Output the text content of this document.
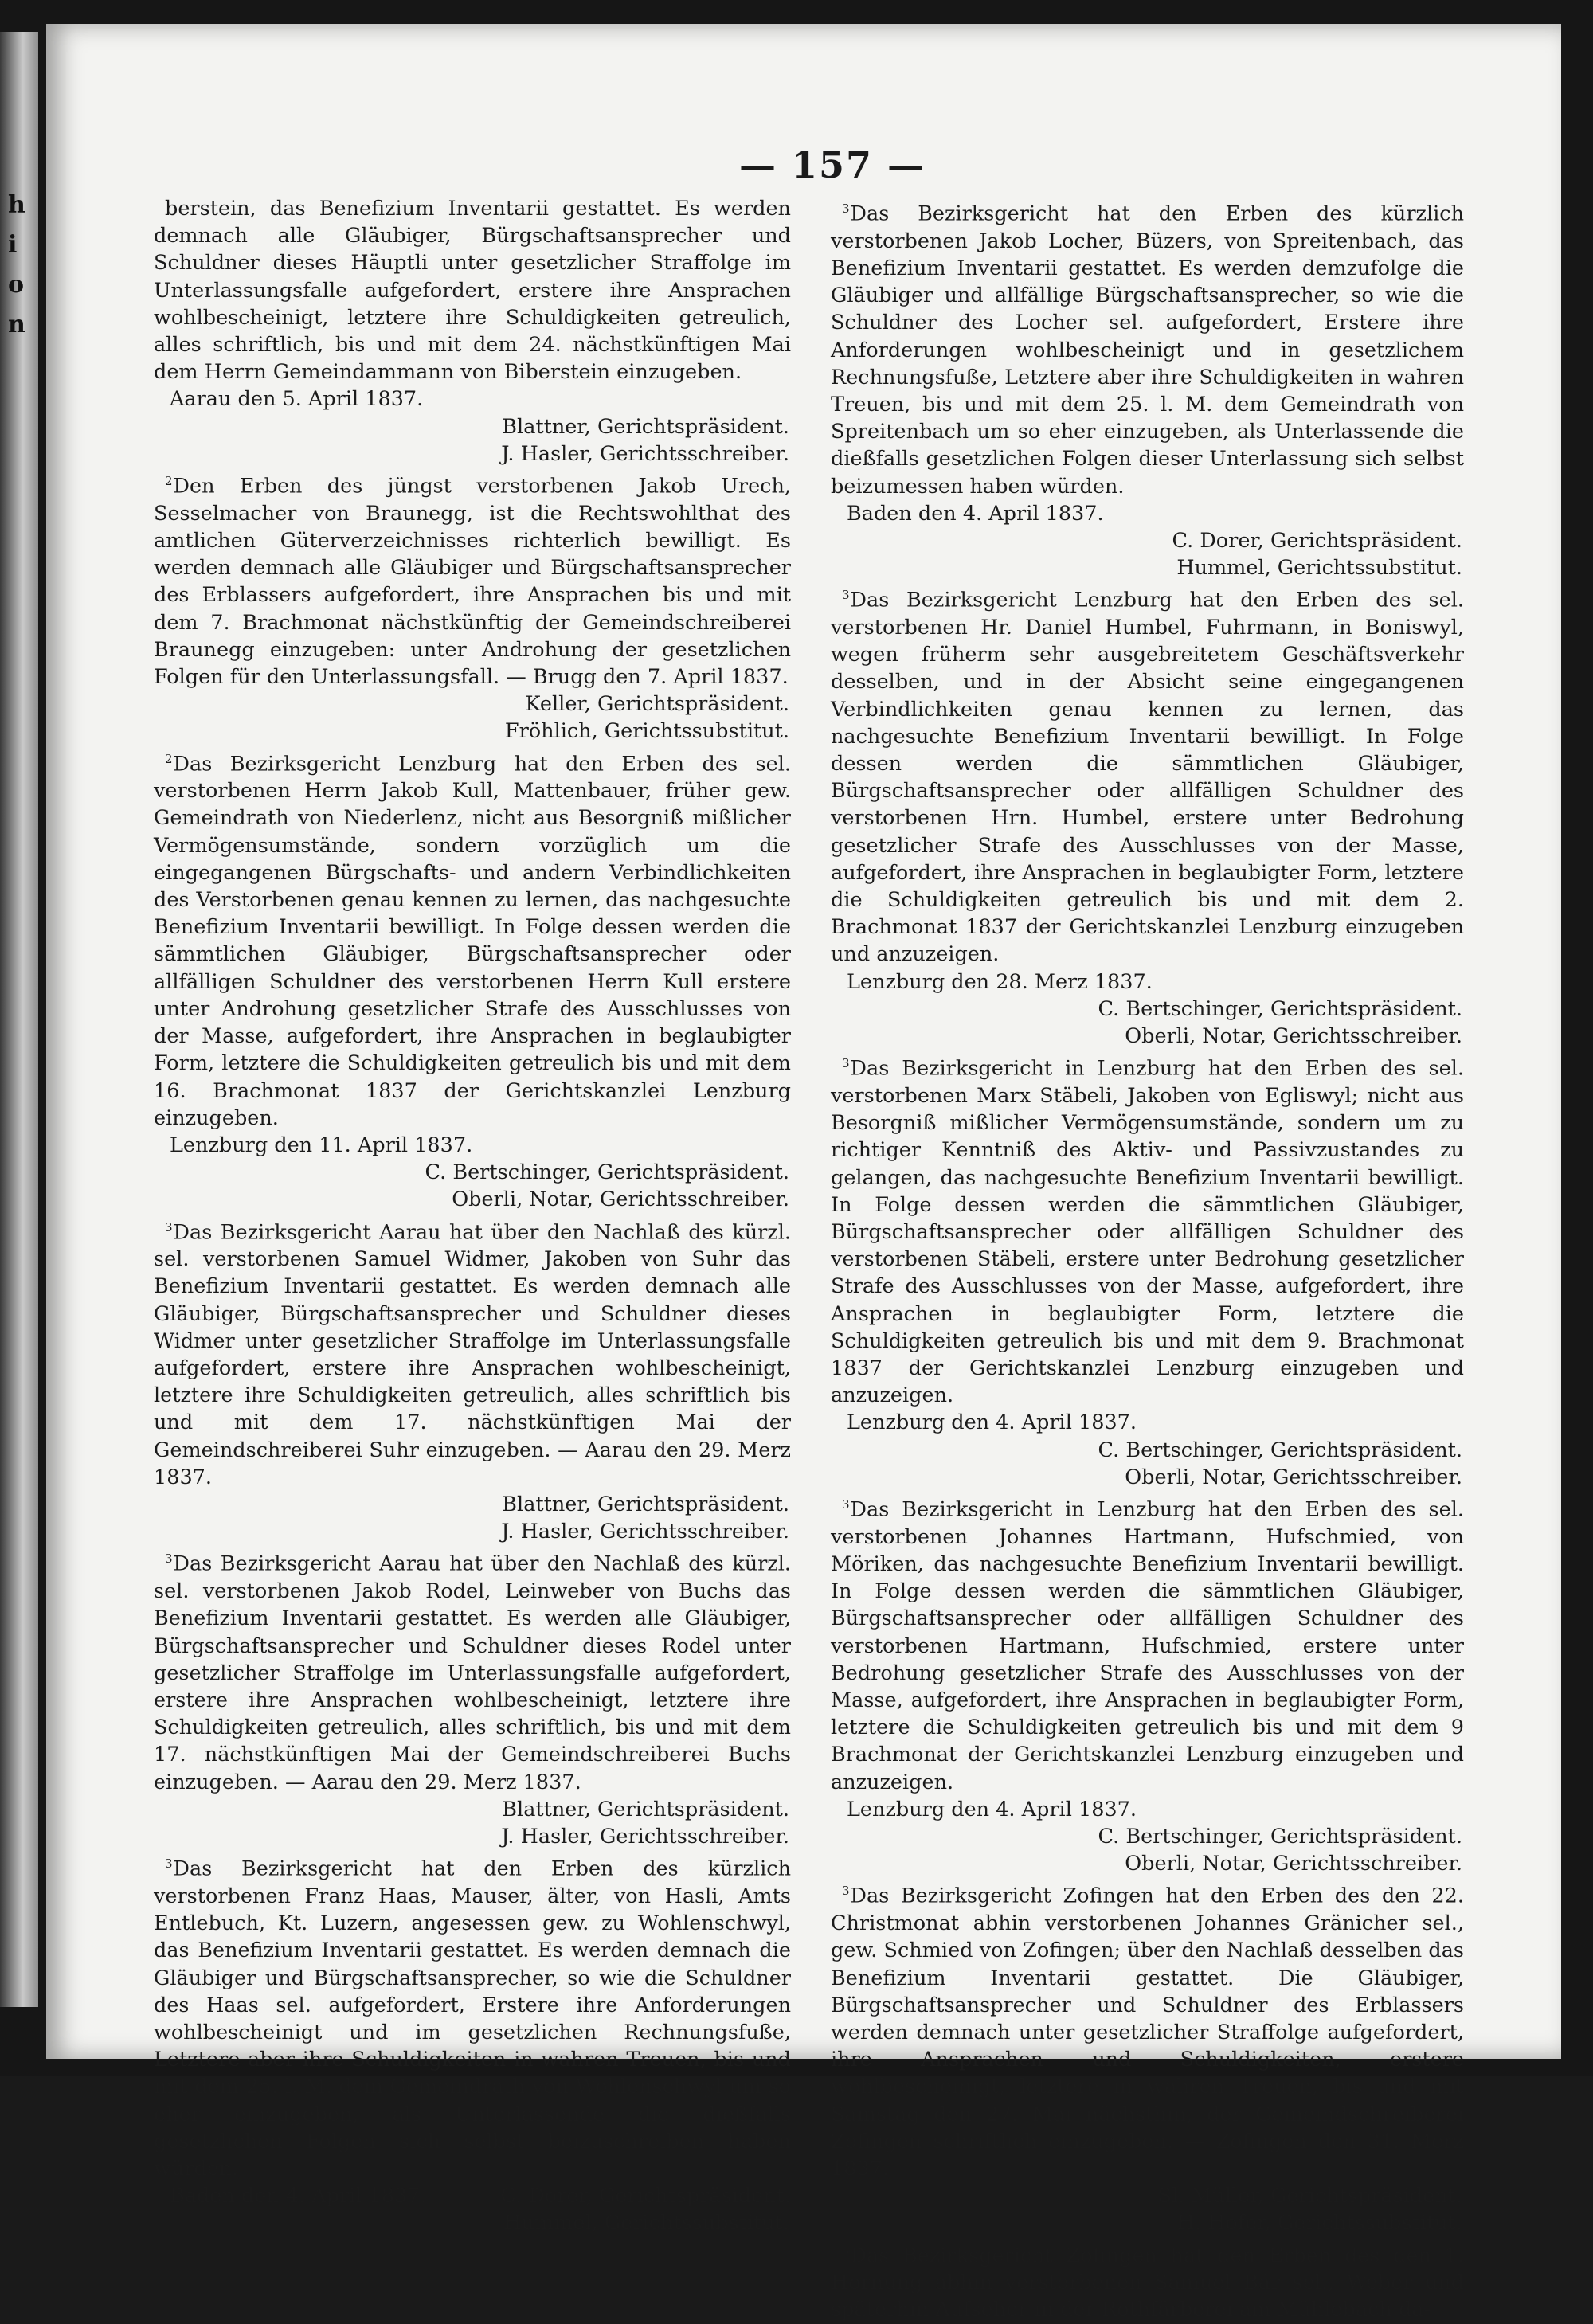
h
i
o
n
— 157 —
berstein, das Benefizium Inventarii gestattet. Es werden demnach alle Gläubiger, Bürgschaftsansprecher und Schuldner dieses Häuptli unter gesetzlicher Straffolge im Unterlassungsfalle aufgefordert, erstere ihre Ansprachen wohlbescheinigt, letztere ihre Schuldigkeiten getreulich, alles schriftlich, bis und mit dem 24. nächstkünftigen Mai dem Herrn Gemeindammann von Biberstein einzugeben.
Aarau den 5. April 1837.
Blattner, Gerichtspräsident.
J. Hasler, Gerichtsschreiber.
$^2$Den Erben des jüngst verstorbenen Jakob Urech, Sesselmacher von Braunegg, ist die Rechtswohlthat des amtlichen Güterverzeichnisses richterlich bewilligt. Es werden demnach alle Gläubiger und Bürgschaftsansprecher des Erblassers aufgefordert, ihre Ansprachen bis und mit dem 7. Brachmonat nächstkünftig der Gemeindschreiberei Braunegg einzugeben: unter Androhung der gesetzlichen Folgen für den Unterlassungsfall. — Brugg den 7. April 1837.
Keller, Gerichtspräsident.
Fröhlich, Gerichtssubstitut.
$^2$Das Bezirksgericht Lenzburg hat den Erben des sel. verstorbenen Herrn Jakob Kull, Mattenbauer, früher gew. Gemeindrath von Niederlenz, nicht aus Besorgniß mißlicher Vermögensumstände, sondern vorzüglich um die eingegangenen Bürgschafts- und andern Verbindlichkeiten des Verstorbenen genau kennen zu lernen, das nachgesuchte Benefizium Inventarii bewilligt. In Folge dessen werden die sämmtlichen Gläubiger, Bürgschaftsansprecher oder allfälligen Schuldner des verstorbenen Herrn Kull erstere unter Androhung gesetzlicher Strafe des Ausschlusses von der Masse, aufgefordert, ihre Ansprachen in beglaubigter Form, letztere die Schuldigkeiten getreulich bis und mit dem 16. Brachmonat 1837 der Gerichtskanzlei Lenzburg einzugeben.
Lenzburg den 11. April 1837.
C. Bertschinger, Gerichtspräsident.
Oberli, Notar, Gerichtsschreiber.
$^3$Das Bezirksgericht Aarau hat über den Nachlaß des kürzl. sel. verstorbenen Samuel Widmer, Jakoben von Suhr das Benefizium Inventarii gestattet. Es werden demnach alle Gläubiger, Bürgschaftsansprecher und Schuldner dieses Widmer unter gesetzlicher Straffolge im Unterlassungsfalle aufgefordert, erstere ihre Ansprachen wohlbescheinigt, letztere ihre Schuldigkeiten getreulich, alles schriftlich bis und mit dem 17. nächstkünftigen Mai der Gemeindschreiberei Suhr einzugeben. — Aarau den 29. Merz 1837.
Blattner, Gerichtspräsident.
J. Hasler, Gerichtsschreiber.
$^3$Das Bezirksgericht Aarau hat über den Nachlaß des kürzl. sel. verstorbenen Jakob Rodel, Leinweber von Buchs das Benefizium Inventarii gestattet. Es werden alle Gläubiger, Bürgschaftsansprecher und Schuldner dieses Rodel unter gesetzlicher Straffolge im Unterlassungsfalle aufgefordert, erstere ihre Ansprachen wohlbescheinigt, letztere ihre Schuldigkeiten getreulich, alles schriftlich, bis und mit dem 17. nächstkünftigen Mai der Gemeindschreiberei Buchs einzugeben. — Aarau den 29. Merz 1837.
Blattner, Gerichtspräsident.
J. Hasler, Gerichtsschreiber.
$^3$Das Bezirksgericht hat den Erben des kürzlich verstorbenen Franz Haas, Mauser, älter, von Hasli, Amts Entlebuch, Kt. Luzern, angesessen gew. zu Wohlenschwyl, das Benefizium Inventarii gestattet. Es werden demnach die Gläubiger und Bürgschaftsansprecher, so wie die Schuldner des Haas sel. aufgefordert, Erstere ihre Anforderungen wohlbescheinigt und im gesetzlichen Rechnungsfuße, Letztere aber ihre Schuldigkeiten in wahren Treuen, bis und mit dem 25. l. M. dem Gemeindrath von Wohlenschwyl um so eher einzugeben, als Unterlassende die dießfalls gesetzlichen Folgen sich selbst beizuschreiben haben würden.
Baden den 4. April 1837.	C. Dorer, Gerichtspräsident.
Hummel, Gerichtssubstitut.
$^3$Das Bezirksgericht hat den Erben des kürzlich verstorbenen Jakob Locher, Büzers, von Spreitenbach, das Benefizium Inventarii gestattet. Es werden demzufolge die Gläubiger und allfällige Bürgschaftsansprecher, so wie die Schuldner des Locher sel. aufgefordert, Erstere ihre Anforderungen wohlbescheinigt und in gesetzlichem Rechnungsfuße, Letztere aber ihre Schuldigkeiten in wahren Treuen, bis und mit dem 25. l. M. dem Gemeindrath von Spreitenbach um so eher einzugeben, als Unterlassende die dießfalls gesetzlichen Folgen dieser Unterlassung sich selbst beizumessen haben würden.
Baden den 4. April 1837.
C. Dorer, Gerichtspräsident.
Hummel, Gerichtssubstitut.
$^3$Das Bezirksgericht Lenzburg hat den Erben des sel. verstorbenen Hr. Daniel Humbel, Fuhrmann, in Boniswyl, wegen früherm sehr ausgebreitetem Geschäftsverkehr desselben, und in der Absicht seine eingegangenen Verbindlichkeiten genau kennen zu lernen, das nachgesuchte Benefizium Inventarii bewilligt. In Folge dessen werden die sämmtlichen Gläubiger, Bürgschaftsansprecher oder allfälligen Schuldner des verstorbenen Hrn. Humbel, erstere unter Bedrohung gesetzlicher Strafe des Ausschlusses von der Masse, aufgefordert, ihre Ansprachen in beglaubigter Form, letztere die Schuldigkeiten getreulich bis und mit dem 2. Brachmonat 1837 der Gerichtskanzlei Lenzburg einzugeben und anzuzeigen.
Lenzburg den 28. Merz 1837.
C. Bertschinger, Gerichtspräsident.
Oberli, Notar, Gerichtsschreiber.
$^3$Das Bezirksgericht in Lenzburg hat den Erben des sel. verstorbenen Marx Stäbeli, Jakoben von Egliswyl; nicht aus Besorgniß mißlicher Vermögensumstände, sondern um zu richtiger Kenntniß des Aktiv- und Passivzustandes zu gelangen, das nachgesuchte Benefizium Inventarii bewilligt. In Folge dessen werden die sämmtlichen Gläubiger, Bürgschaftsansprecher oder allfälligen Schuldner des verstorbenen Stäbeli, erstere unter Bedrohung gesetzlicher Strafe des Ausschlusses von der Masse, aufgefordert, ihre Ansprachen in beglaubigter Form, letztere die Schuldigkeiten getreulich bis und mit dem 9. Brachmonat 1837 der Gerichtskanzlei Lenzburg einzugeben und anzuzeigen.
Lenzburg den 4. April 1837.
C. Bertschinger, Gerichtspräsident.
Oberli, Notar, Gerichtsschreiber.
$^3$Das Bezirksgericht in Lenzburg hat den Erben des sel. verstorbenen Johannes Hartmann, Hufschmied, von Möriken, das nachgesuchte Benefizium Inventarii bewilligt. In Folge dessen werden die sämmtlichen Gläubiger, Bürgschaftsansprecher oder allfälligen Schuldner des verstorbenen Hartmann, Hufschmied, erstere unter Bedrohung gesetzlicher Strafe des Ausschlusses von der Masse, aufgefordert, ihre Ansprachen in beglaubigter Form, letztere die Schuldigkeiten getreulich bis und mit dem 9 Brachmonat der Gerichtskanzlei Lenzburg einzugeben und anzuzeigen.
Lenzburg den 4. April 1837.
C. Bertschinger, Gerichtspräsident.
Oberli, Notar, Gerichtsschreiber.
$^3$Das Bezirksgericht Zofingen hat den Erben des den 22. Christmonat abhin verstorbenen Johannes Gränicher sel., gew. Schmied von Zofingen; über den Nachlaß desselben das Benefizium Inventarii gestattet. Die Gläubiger, Bürgschaftsansprecher und Schuldner des Erblassers werden demnach unter gesetzlicher Straffolge aufgefordert, ihre Ansprachen und Schuldigkeiten, erstere wohlbescheinigt, letztere in wahren Treuen, bis und mit Samstag den 27. Mai nächsthin, der Gemeindschreiberei Zofingen schriftlich einzugeben. — Zofingen den 31. Merz 1837.
Sl. Müller, Gerichtspräsident.
H. Hofer, Gerichtssubstitut.
$^3$Das Bezirksgericht Zofingen hat den Erben des den 1. Hornung abhin verstorbenen Samuel Bär sel., Weber und späterhin Aufseher in der Rothfärberei am Mühlebach da-
